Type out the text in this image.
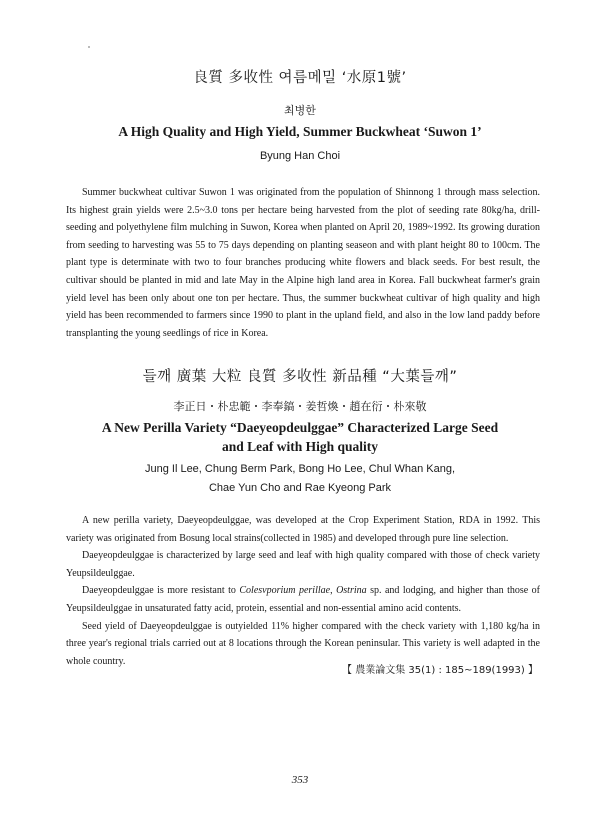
良質 多收性 여름메밀 ‘水原1號’
최병한
A High Quality and High Yield, Summer Buckwheat ‘Suwon 1’
Byung Han Choi

Summer buckwheat cultivar Suwon 1 was originated from the population of Shinnong 1 through mass selection. Its highest grain yields were 2.5~3.0 tons per hectare being harvested from the plot of seeding rate 80kg/ha, drill-seeding and polyethylene film mulching in Suwon, Korea when planted on April 20, 1989~1992. Its growing duration from seeding to harvesting was 55 to 75 days depending on planting seaseon and with plant height 80 to 100cm. The plant type is determinate with two to four branches producing white flowers and black seeds. For best result, the cultivar should be planted in mid and late May in the Alpine high land area in Korea. Fall buckwheat farmer's grain yield level has been only about one ton per hectare. Thus, the summer buckwheat cultivar of high quality and high yield has been recommended to farmers since 1990 to plant in the upland field, and also in the low land paddy before transplanting the young seedlings of rice in Korea.

들깨 廣葉 大粒 良質 多收性 新品種 “大葉들깨”
李正日・朴忠範・李奉鎬・姜哲煥・趙在衍・朴來敬
A New Perilla Variety “Daeyeopdeulggae” Characterized Large Seed
and Leaf with High quality
Jung Il Lee, Chung Berm Park, Bong Ho Lee, Chul Whan Kang,
Chae Yun Cho and Rae Kyeong Park

A new perilla variety, Daeyeopdeulggae, was developed at the Crop Experiment Station, RDA in 1992. This variety was originated from Bosung local strains(collected in 1985) and developed through pure line selection.

Daeyeopdeulggae is characterized by large seed and leaf with high quality compared with those of check variety Yeupsildeulggae.

Daeyeopdeulggae is more resistant to Colesvporium perillae, Ostrina sp. and lodging, and higher than those of Yeupsildeulggae in unsaturated fatty acid, protein, essential and non-essential amino acid contents.

Seed yield of Daeyeopdeulggae is outyielded 11% higher compared with the check variety with 1,180 kg/ha in three year's regional trials carried out at 8 locations through the Korean peninsular. This variety is well adapted in the whole country.

【 農業論文集 35(1) : 185~189(1993) 】
353
